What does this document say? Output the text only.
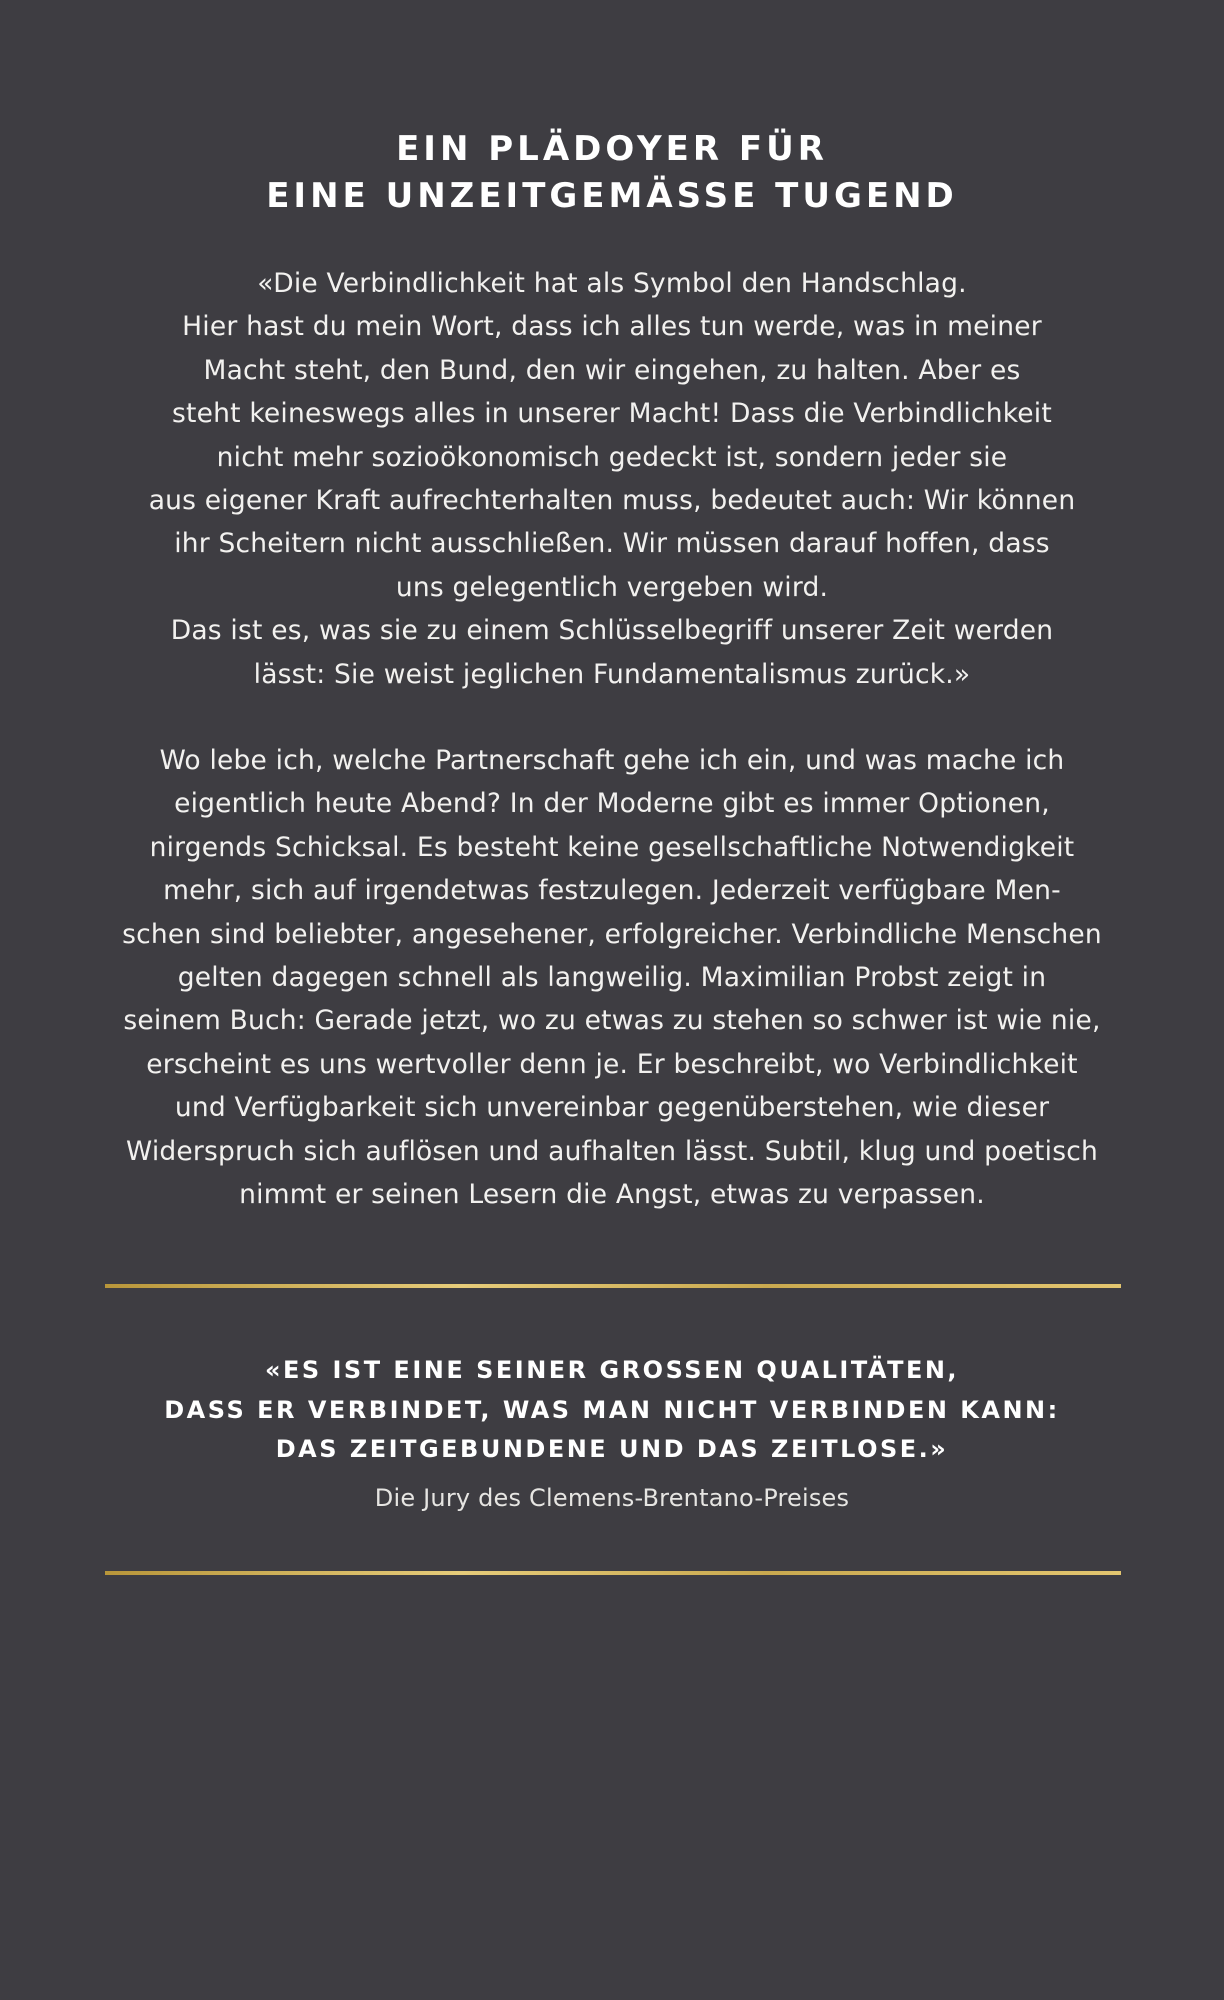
EIN PLÄDOYER FÜR
EINE UNZEITGEMÄSSE TUGEND
«Die Verbindlichkeit hat als Symbol den Handschlag.
Hier hast du mein Wort, dass ich alles tun werde, was in meiner
Macht steht, den Bund, den wir eingehen, zu halten. Aber es
steht keineswegs alles in unserer Macht! Dass die Verbindlichkeit
nicht mehr sozioökonomisch gedeckt ist, sondern jeder sie
aus eigener Kraft aufrechterhalten muss, bedeutet auch: Wir können
ihr Scheitern nicht ausschließen. Wir müssen darauf hoffen, dass
uns gelegentlich vergeben wird.
Das ist es, was sie zu einem Schlüsselbegriff unserer Zeit werden
lässt: Sie weist jeglichen Fundamentalismus zurück.»
Wo lebe ich, welche Partnerschaft gehe ich ein, und was mache ich
eigentlich heute Abend? In der Moderne gibt es immer Optionen,
nirgends Schicksal. Es besteht keine gesellschaftliche Notwendigkeit
mehr, sich auf irgendetwas festzulegen. Jederzeit verfügbare Men-
schen sind beliebter, angesehener, erfolgreicher. Verbindliche Menschen
gelten dagegen schnell als langweilig. Maximilian Probst zeigt in
seinem Buch: Gerade jetzt, wo zu etwas zu stehen so schwer ist wie nie,
erscheint es uns wertvoller denn je. Er beschreibt, wo Verbindlichkeit
und Verfügbarkeit sich unvereinbar gegenüberstehen, wie dieser
Widerspruch sich auflösen und aufhalten lässt. Subtil, klug und poetisch
nimmt er seinen Lesern die Angst, etwas zu verpassen.
«ES IST EINE SEINER GROSSEN QUALITÄTEN,
DASS ER VERBINDET, WAS MAN NICHT VERBINDEN KANN:
DAS ZEITGEBUNDENE UND DAS ZEITLOSE.»
Die Jury des Clemens-Brentano-Preises
